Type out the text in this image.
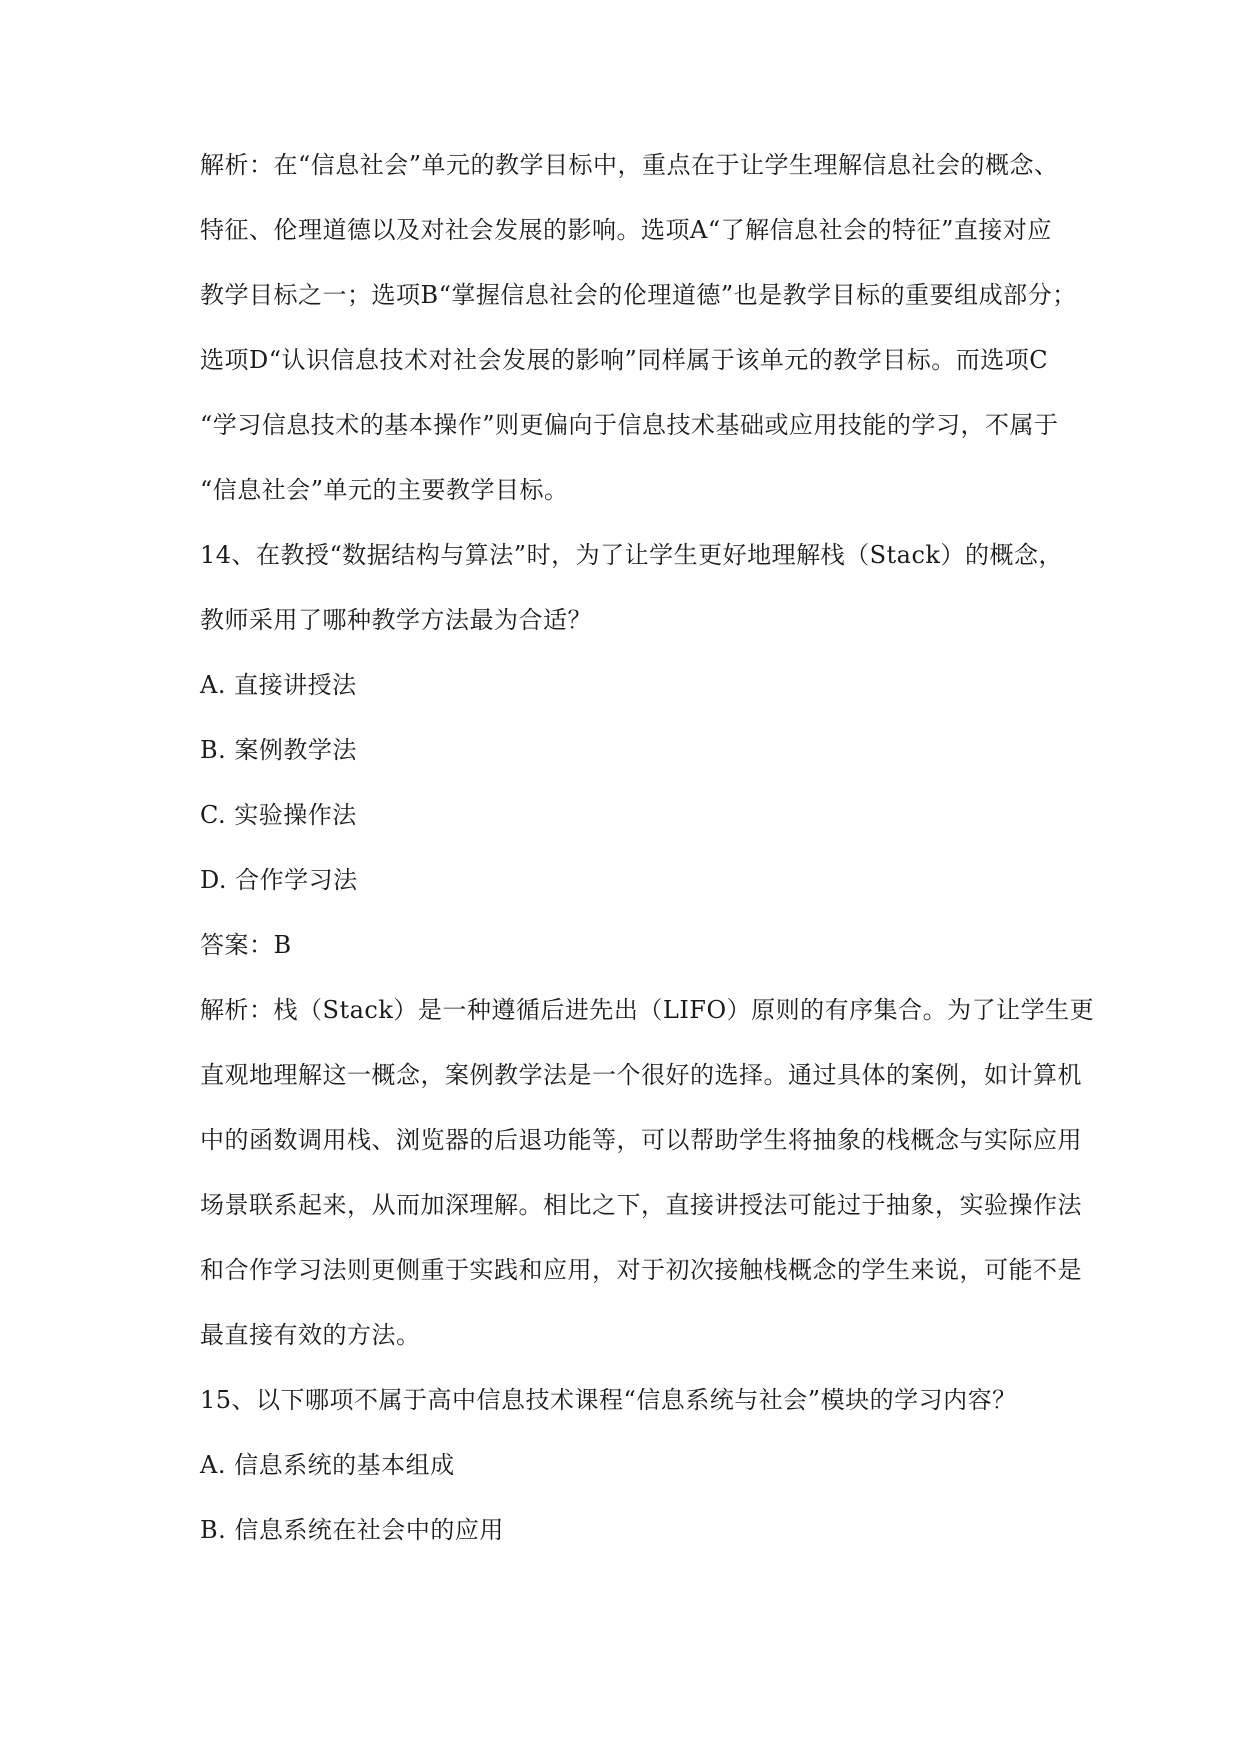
解析：在“信息社会”单元的教学目标中，重点在于让学生理解信息社会的概念、
特征、伦理道德以及对社会发展的影响。选项A“了解信息社会的特征”直接对应
教学目标之一；选项B“掌握信息社会的伦理道德”也是教学目标的重要组成部分；
选项D“认识信息技术对社会发展的影响”同样属于该单元的教学目标。而选项C
“学习信息技术的基本操作”则更偏向于信息技术基础或应用技能的学习，不属于
“信息社会”单元的主要教学目标。
14、在教授“数据结构与算法”时，为了让学生更好地理解栈（Stack）的概念，
教师采用了哪种教学方法最为合适？
A. 直接讲授法
B. 案例教学法
C. 实验操作法
D. 合作学习法
答案：B
解析：栈（Stack）是一种遵循后进先出（LIFO）原则的有序集合。为了让学生更
直观地理解这一概念，案例教学法是一个很好的选择。通过具体的案例，如计算机
中的函数调用栈、浏览器的后退功能等，可以帮助学生将抽象的栈概念与实际应用
场景联系起来，从而加深理解。相比之下，直接讲授法可能过于抽象，实验操作法
和合作学习法则更侧重于实践和应用，对于初次接触栈概念的学生来说，可能不是
最直接有效的方法。
15、以下哪项不属于高中信息技术课程“信息系统与社会”模块的学习内容？
A. 信息系统的基本组成
B. 信息系统在社会中的应用
